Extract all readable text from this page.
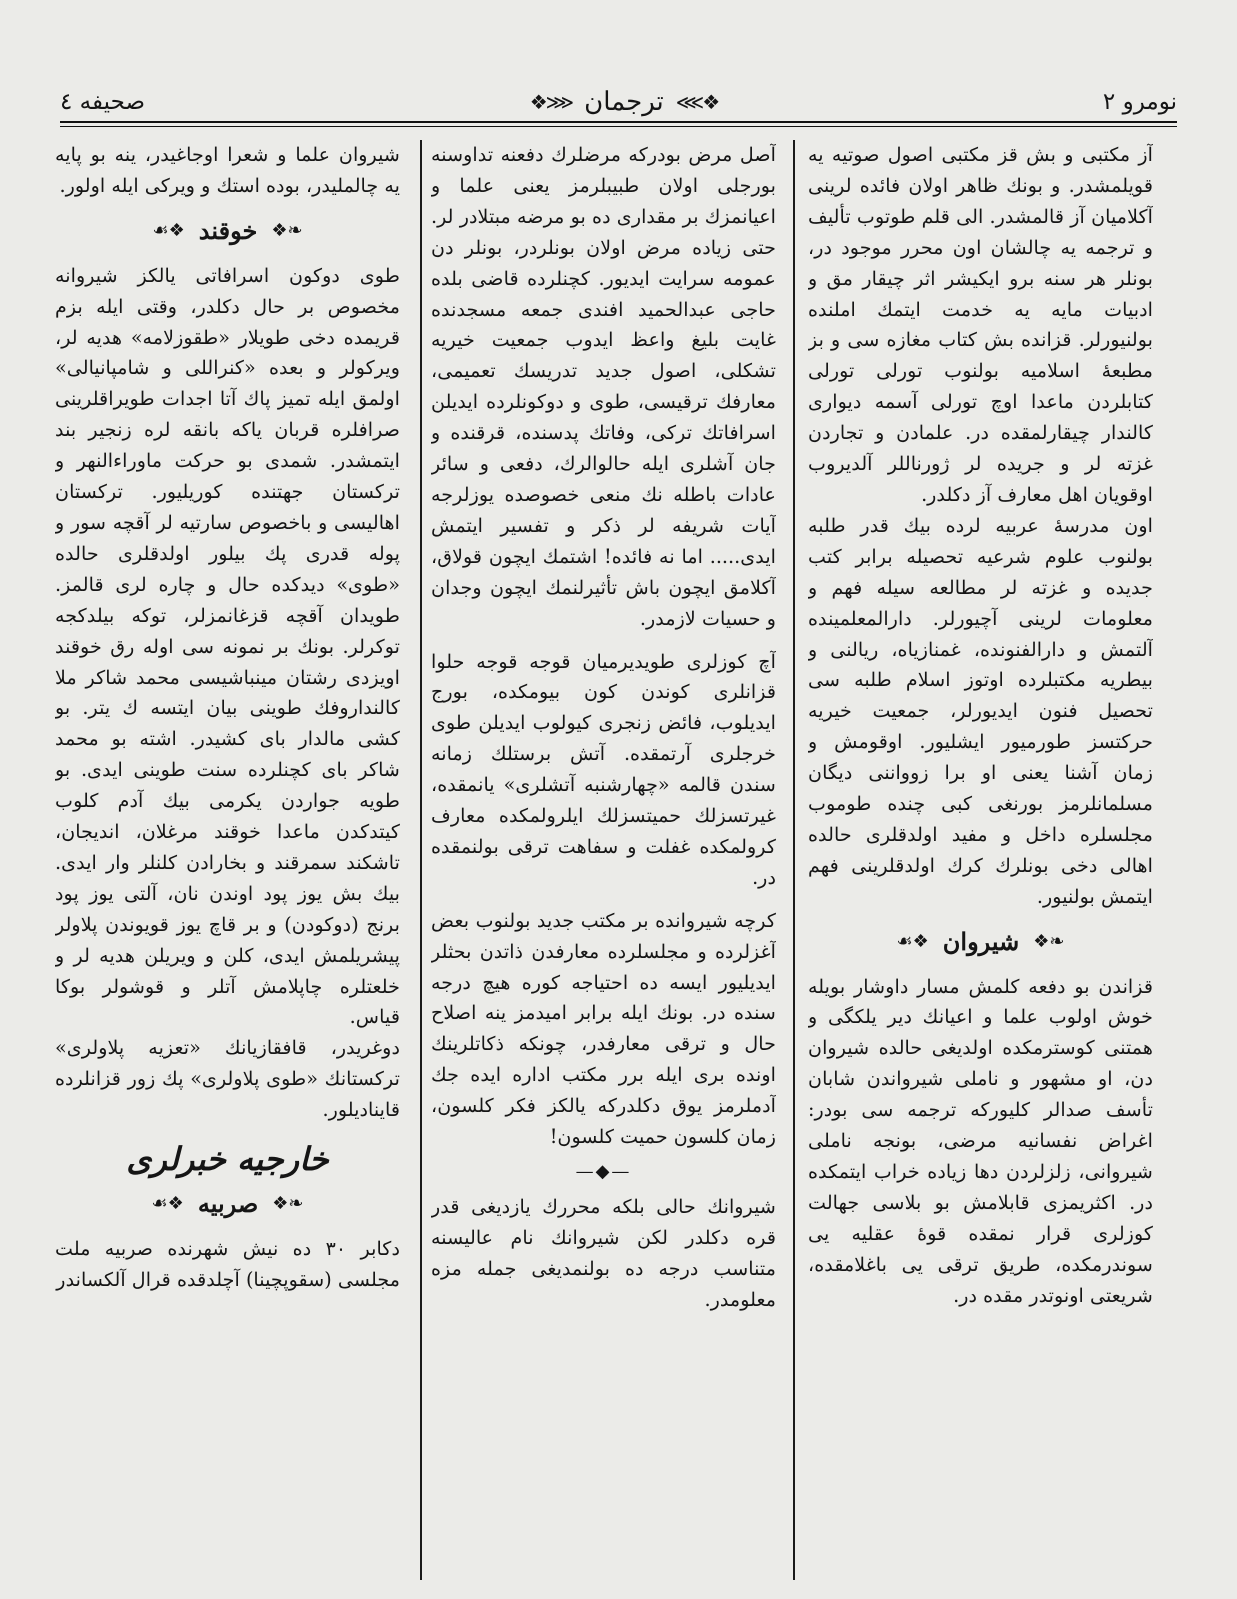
نومرو ۲
❖⋙
ترجمان
⋘❖
صحیفه ٤

آز مکتبی و بش قز مکتبی اصول صوتیه یه قویلمشدر. و بونك ظاهر اولان فائده لرینی آکلامیان آز قالمشدر. الی قلم طوتوب تألیف و ترجمه یه چالشان اون محرر موجود در، بونلر هر سنه برو ایکیشر اثر چیقار مق و ادبیات مایه یه خدمت ایتمك املنده بولنیورلر. قزانده بش کتاب مغازه سی و بز مطبعهٔ اسلامیه بولنوب تورلی تورلی کتابلردن ماعدا اوچ تورلی آسمه دیواری کالندار چیقارلمقده در. علمادن و تجاردن غزته لر و جریده لر ژورناللر آلدیروب اوقویان اهل معارف آز دکلدر.

اون مدرسهٔ عربیه لرده بیك قدر طلبه بولنوب علوم شرعیه تحصیله برابر کتب جدیده و غزته لر مطالعه سیله فهم و معلومات لرینی آچیورلر. دارالمعلمینده آلتمش و دارالفنونده، غمنازیاه، ریالنی و بیطریه مکتبلرده اوتوز اسلام طلبه سی تحصیل فنون ایدیورلر، جمعیت خیریه حرکتسز طورمیور ایشلیور. اوقومش و زمان آشنا یعنی او برا زوواننی دیگان مسلمانلرمز بورنغی کبی چنده طوموب مجلسلره داخل و مفید اولدقلری حالده اهالی دخی بونلرك کرك اولدقلرینی فهم ایتمش بولنیور.

❧❖
شیروان
❖☙

قزاندن بو دفعه کلمش مسار داوشار بویله خوش اولوب علما و اعیانك دیر یلکگی و همتنی کوسترمکده اولدیغی حالده شیروان دن، او مشهور و ناملی شیرواندن شابان تأسف صدالر کلیورکه ترجمه سی بودر: اغراض نفسانیه مرضی، بونجه ناملی شیروانی، زلزلردن دها زیاده خراب ایتمکده در. اکثریمزی قابلامش بو بلاسی جهالت کوزلری قرار نمقده قوهٔ عقلیه یی سوندرمکده، طریق ترقی یی باغلامقده، شریعتی اونوتدر مقده در.

آصل مرض بودرکه مرضلرك دفعنه تداوسنه بورجلی اولان طبیبلرمز یعنی علما و اعیانمزك بر مقداری ده بو مرضه مبتلادر لر. حتی زیاده مرض اولان بونلردر، بونلر دن عمومه سرایت ایدیور. کچنلرده قاضی بلده حاجی عبدالحمید افندی جمعه مسجدنده غایت بلیغ واعظ ایدوب جمعیت خیریه تشکلی، اصول جدید تدریسك تعمیمی، معارفك ترقیسی، طوی و دوکونلرده ایدیلن اسرافاتك ترکی، وفاتك پدسنده، قرقنده و جان آشلری ایله حالوالرك، دفعی و سائر عادات باطله نك منعی خصوصده یوزلرجه آیات شریفه لر ذکر و تفسیر ایتمش ایدی..... اما نه فائده! اشتمك ایچون قولاق، آکلامق ایچون باش تأثیرلنمك ایچون وجدان و حسیات لازمدر.

آچ کوزلری طویدیرمیان قوجه قوجه حلوا قزانلری کوندن کون بیومکده، بورج ایدیلوب، فائض زنجری کیولوب ایدیلن طوی خرجلری آرتمقده. آتش برستلك زمانه سندن قالمه «چهارشنبه آتشلری» یانمقده، غیرتسزلك حمیتسزلك ایلرولمکده معارف کرولمکده غفلت و سفاهت ترقی بولنمقده در.

کرچه شیروانده بر مکتب جدید بولنوب بعض آغزلرده و مجلسلرده معارفدن ذاتدن بحثلر ایدیلیور ایسه ده احتیاجه کوره هیچ درجه سنده در. بونك ایله برابر امیدمز ینه اصلاح حال و ترقی معارفدر، چونکه ذکاتلرینك اونده بری ایله برر مکتب اداره ایده جك آدملرمز یوق دکلدرکه یالکز فکر کلسون، زمان کلسون حمیت کلسون!

—◆—

شیروانك حالی بلکه محررك یازدیغی قدر قره دکلدر لکن شیروانك نام عالیسنه متناسب درجه ده بولنمدیغی جمله مزه معلومدر.

شیروان علما و شعرا اوجاغیدر، ینه بو پایه یه چالملیدر، بوده استك و ویرکی ایله اولور.

❧❖
خوقند
❖☙

طوی دوکون اسرافاتی یالکز شیروانه مخصوص بر حال دکلدر، وقتی ایله بزم قریمده دخی طویلار «طقوزلامه» هدیه لر، ویرکولر و بعده «کنراللی و شامپانیالی» اولمق ایله تمیز پاك آتا اجدات طویراقلرینی صرافلره قربان یاکه بانقه لره زنجیر بند ایتمشدر. شمدی بو حرکت ماوراءالنهر و ترکستان جهتنده کوریلیور. ترکستان اهالیسی و باخصوص سارتیه لر آقچه سور و پوله قدری پك بیلور اولدقلری حالده «طوی» دیدکده حال و چاره لری قالمز. طویدان آقچه قزغانمزلر، توکه بیلدکجه توکرلر. بونك بر نمونه سی اوله رق خوقند اویزدی رشتان مینباشیسی محمد شاکر ملا کالنداروفك طوینی بیان ایتسه ك یتر. بو کشی مالدار بای کشیدر. اشته بو محمد شاکر بای کچنلرده سنت طوینی ایدی. بو طویه جواردن یکرمی بیك آدم کلوب کیتدکدن ماعدا خوقند مرغلان، اندیجان، تاشکند سمرقند و بخارادن کلنلر وار ایدی. بیك بش یوز پود اوندن نان، آلتی یوز پود برنج (دوکودن) و بر قاچ یوز قویوندن پلاولر پیشریلمش ایدی، کلن و ویریلن هدیه لر و خلعتلره چاپلامش آتلر و قوشولر بوکا قیاس.

دوغریدر، قافقازیانك «تعزیه پلاولری» ترکستانك «طوی پلاولری» پك زور قزانلرده قاینادیلور.

خارجیه خبرلری
❧❖
صربیه
❖☙

دکابر ۳۰ ده نیش شهرنده صربیه ملت مجلسی (سقوپچینا) آچلدقده قرال آلکساندر
